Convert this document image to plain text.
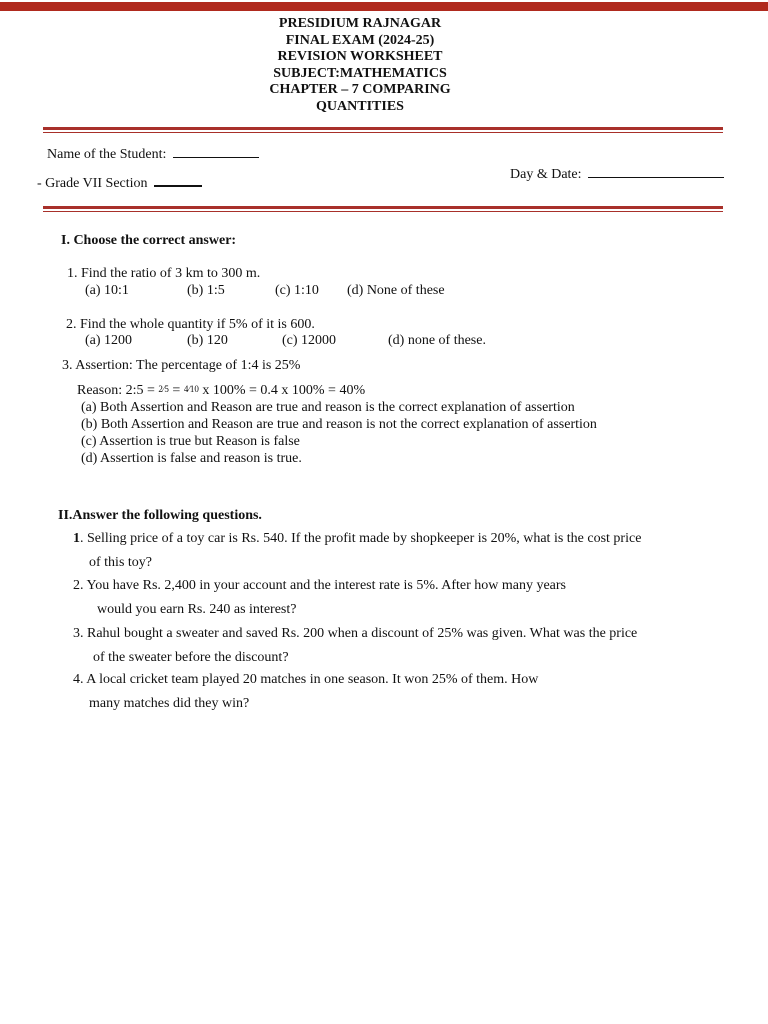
PRESIDIUM RAJNAGAR
FINAL EXAM (2024-25)
REVISION WORKSHEET
SUBJECT:MATHEMATICS
CHAPTER – 7 COMPARING
QUANTITIES
Name of the Student:
Day & Date:
- Grade VII Section
I. Choose the correct answer:
1. Find the ratio of 3 km to 300 m.
(a) 10:1	(b) 1:5	(c) 1:10 (d) None of these
2. Find the whole quantity if 5% of it is 600.
(a) 1200	(b) 120	(c) 12000	(d) none of these.
3. Assertion: The percentage of 1:4 is 25%
Reason: 2:5 = 2⁄5 = 4⁄10 x 100% = 0.4 x 100% = 40%
(a) Both Assertion and Reason are true and reason is the correct explanation of assertion
(b) Both Assertion and Reason are true and reason is not the correct explanation of assertion
(c) Assertion is true but Reason is false
(d) Assertion is false and reason is true.
II.Answer the following questions.
1. Selling price of a toy car is Rs. 540. If the profit made by shopkeeper is 20%, what is the cost price
of this toy?
2. You have Rs. 2,400 in your account and the interest rate is 5%. After how many years
would you earn Rs. 240 as interest?
3. Rahul bought a sweater and saved Rs. 200 when a discount of 25% was given. What was the price
of the sweater before the discount?
4. A local cricket team played 20 matches in one season. It won 25% of them. How
many matches did they win?
